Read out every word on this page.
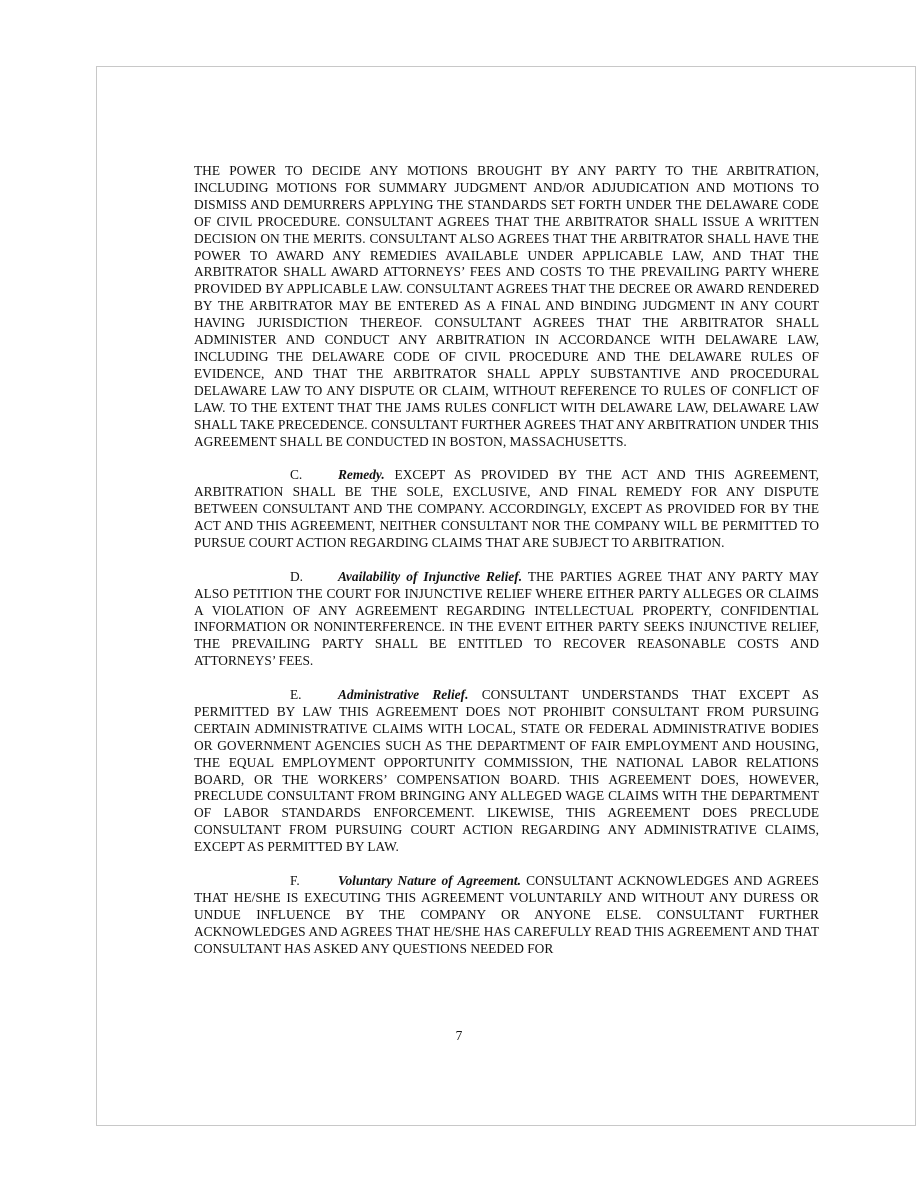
THE POWER TO DECIDE ANY MOTIONS BROUGHT BY ANY PARTY TO THE ARBITRATION, INCLUDING MOTIONS FOR SUMMARY JUDGMENT AND/OR ADJUDICATION AND MOTIONS TO DISMISS AND DEMURRERS APPLYING THE STANDARDS SET FORTH UNDER THE DELAWARE CODE OF CIVIL PROCEDURE. CONSULTANT AGREES THAT THE ARBITRATOR SHALL ISSUE A WRITTEN DECISION ON THE MERITS. CONSULTANT ALSO AGREES THAT THE ARBITRATOR SHALL HAVE THE POWER TO AWARD ANY REMEDIES AVAILABLE UNDER APPLICABLE LAW, AND THAT THE ARBITRATOR SHALL AWARD ATTORNEYS’ FEES AND COSTS TO THE PREVAILING PARTY WHERE PROVIDED BY APPLICABLE LAW. CONSULTANT AGREES THAT THE DECREE OR AWARD RENDERED BY THE ARBITRATOR MAY BE ENTERED AS A FINAL AND BINDING JUDGMENT IN ANY COURT HAVING JURISDICTION THEREOF. CONSULTANT AGREES THAT THE ARBITRATOR SHALL ADMINISTER AND CONDUCT ANY ARBITRATION IN ACCORDANCE WITH DELAWARE LAW, INCLUDING THE DELAWARE CODE OF CIVIL PROCEDURE AND THE DELAWARE RULES OF EVIDENCE, AND THAT THE ARBITRATOR SHALL APPLY SUBSTANTIVE AND PROCEDURAL DELAWARE LAW TO ANY DISPUTE OR CLAIM, WITHOUT REFERENCE TO RULES OF CONFLICT OF LAW. TO THE EXTENT THAT THE JAMS RULES CONFLICT WITH DELAWARE LAW, DELAWARE LAW SHALL TAKE PRECEDENCE. CONSULTANT FURTHER AGREES THAT ANY ARBITRATION UNDER THIS AGREEMENT SHALL BE CONDUCTED IN BOSTON, MASSACHUSETTS.

C.	Remedy. EXCEPT AS PROVIDED BY THE ACT AND THIS AGREEMENT, ARBITRATION SHALL BE THE SOLE, EXCLUSIVE, AND FINAL REMEDY FOR ANY DISPUTE BETWEEN CONSULTANT AND THE COMPANY. ACCORDINGLY, EXCEPT AS PROVIDED FOR BY THE ACT AND THIS AGREEMENT, NEITHER CONSULTANT NOR THE COMPANY WILL BE PERMITTED TO PURSUE COURT ACTION REGARDING CLAIMS THAT ARE SUBJECT TO ARBITRATION.

D.	Availability of Injunctive Relief. THE PARTIES AGREE THAT ANY PARTY MAY ALSO PETITION THE COURT FOR INJUNCTIVE RELIEF WHERE EITHER PARTY ALLEGES OR CLAIMS A VIOLATION OF ANY AGREEMENT REGARDING INTELLECTUAL PROPERTY, CONFIDENTIAL INFORMATION OR NONINTERFERENCE. IN THE EVENT EITHER PARTY SEEKS INJUNCTIVE RELIEF, THE PREVAILING PARTY SHALL BE ENTITLED TO RECOVER REASONABLE COSTS AND ATTORNEYS’ FEES.

E.	Administrative Relief. CONSULTANT UNDERSTANDS THAT EXCEPT AS PERMITTED BY LAW THIS AGREEMENT DOES NOT PROHIBIT CONSULTANT FROM PURSUING CERTAIN ADMINISTRATIVE CLAIMS WITH LOCAL, STATE OR FEDERAL ADMINISTRATIVE BODIES OR GOVERNMENT AGENCIES SUCH AS THE DEPARTMENT OF FAIR EMPLOYMENT AND HOUSING, THE EQUAL EMPLOYMENT OPPORTUNITY COMMISSION, THE NATIONAL LABOR RELATIONS BOARD, OR THE WORKERS’ COMPENSATION BOARD. THIS AGREEMENT DOES, HOWEVER, PRECLUDE CONSULTANT FROM BRINGING ANY ALLEGED WAGE CLAIMS WITH THE DEPARTMENT OF LABOR STANDARDS ENFORCEMENT. LIKEWISE, THIS AGREEMENT DOES PRECLUDE CONSULTANT FROM PURSUING COURT ACTION REGARDING ANY ADMINISTRATIVE CLAIMS, EXCEPT AS PERMITTED BY LAW.

F.	Voluntary Nature of Agreement. CONSULTANT ACKNOWLEDGES AND AGREES THAT HE/SHE IS EXECUTING THIS AGREEMENT VOLUNTARILY AND WITHOUT ANY DURESS OR UNDUE INFLUENCE BY THE COMPANY OR ANYONE ELSE. CONSULTANT FURTHER ACKNOWLEDGES AND AGREES THAT HE/SHE HAS CAREFULLY READ THIS AGREEMENT AND THAT CONSULTANT HAS ASKED ANY QUESTIONS NEEDED FOR

7
